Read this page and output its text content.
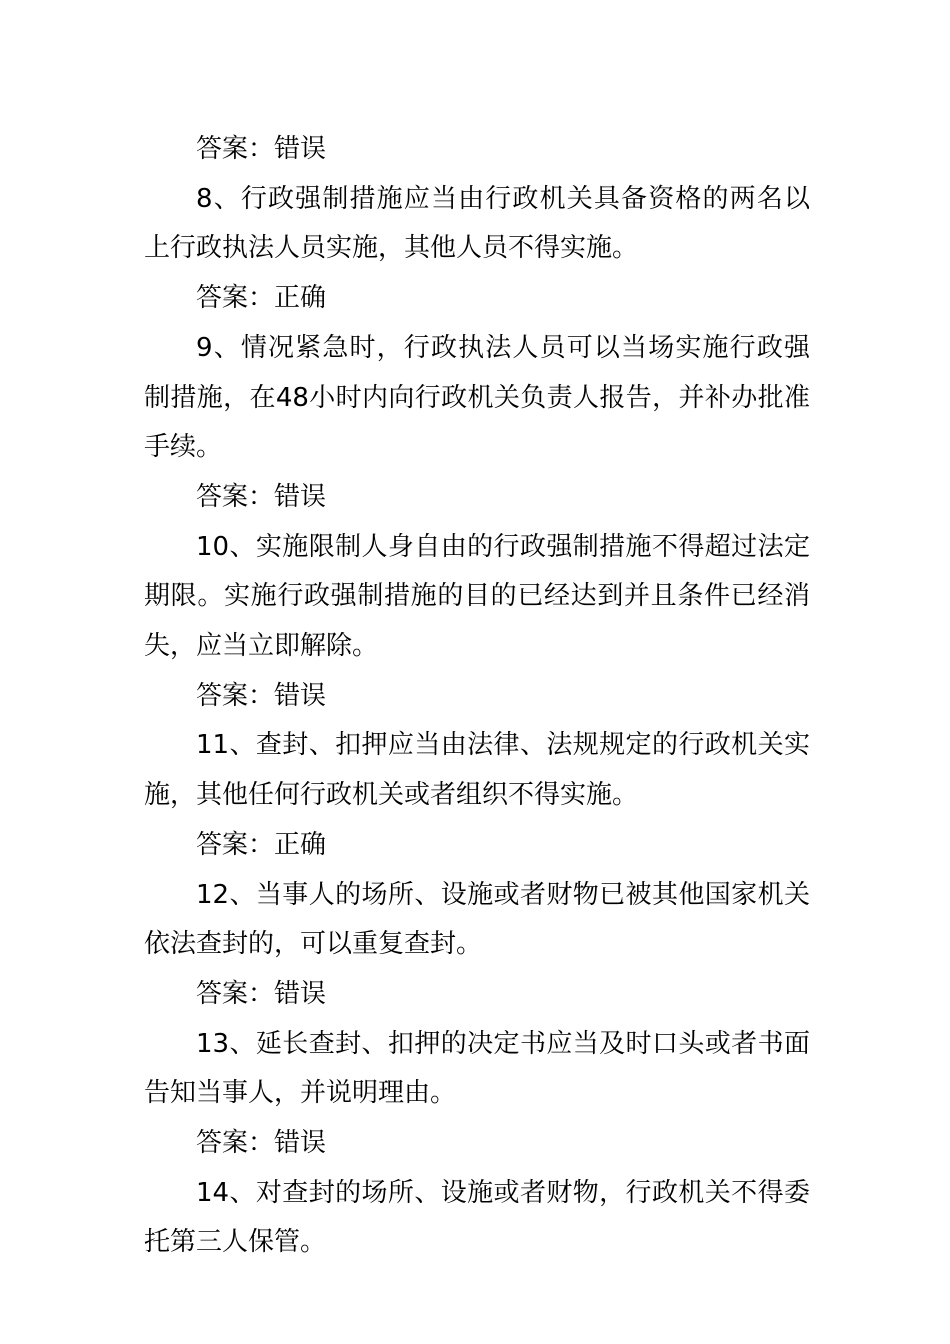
答案：错误

8、行政强制措施应当由行政机关具备资格的两名以上行政执法人员实施，其他人员不得实施。

答案：正确

9、情况紧急时，行政执法人员可以当场实施行政强制措施，在48小时内向行政机关负责人报告，并补办批准手续。

答案：错误

10、实施限制人身自由的行政强制措施不得超过法定期限。实施行政强制措施的目的已经达到并且条件已经消失，应当立即解除。

答案：错误

11、查封、扣押应当由法律、法规规定的行政机关实施，其他任何行政机关或者组织不得实施。

答案：正确

12、当事人的场所、设施或者财物已被其他国家机关依法查封的，可以重复查封。

答案：错误

13、延长查封、扣押的决定书应当及时口头或者书面告知当事人，并说明理由。

答案：错误

14、对查封的场所、设施或者财物，行政机关不得委托第三人保管。
